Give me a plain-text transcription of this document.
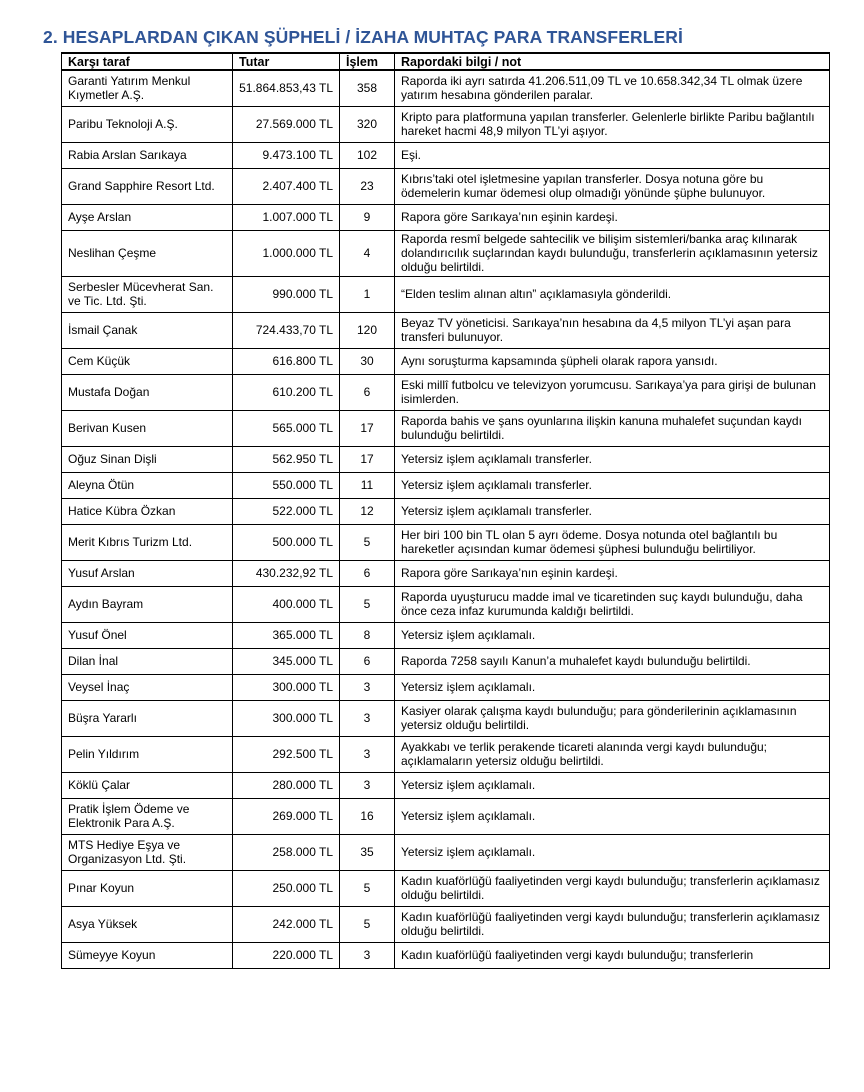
2. HESAPLARDAN ÇIKAN ŞÜPHELİ / İZAHA MUHTAÇ PARA TRANSFERLERİ
Karşı taraf	Tutar	İşlem	Rapordaki bilgi / not
Garanti Yatırım Menkul Kıymetler A.Ş.	51.864.853,43 TL	358	Raporda iki ayrı satırda 41.206.511,09 TL ve 10.658.342,34 TL olmak üzere yatırım hesabına gönderilen paralar.
Paribu Teknoloji A.Ş.	27.569.000 TL	320	Kripto para platformuna yapılan transferler. Gelenlerle birlikte Paribu bağlantılı hareket hacmi 48,9 milyon TL’yi aşıyor.
Rabia Arslan Sarıkaya	9.473.100 TL	102	Eşi.
Grand Sapphire Resort Ltd.	2.407.400 TL	23	Kıbrıs’taki otel işletmesine yapılan transferler. Dosya notuna göre bu ödemelerin kumar ödemesi olup olmadığı yönünde şüphe bulunuyor.
Ayşe Arslan	1.007.000 TL	9	Rapora göre Sarıkaya’nın eşinin kardeşi.
Neslihan Çeşme	1.000.000 TL	4	Raporda resmî belgede sahtecilik ve bilişim sistemleri/banka araç kılınarak dolandırıcılık suçlarından kaydı bulunduğu, transferlerin açıklamasının yetersiz olduğu belirtildi.
Serbesler Mücevherat San. ve Tic. Ltd. Şti.	990.000 TL	1	“Elden teslim alınan altın” açıklamasıyla gönderildi.
İsmail Çanak	724.433,70 TL	120	Beyaz TV yöneticisi. Sarıkaya’nın hesabına da 4,5 milyon TL’yi aşan para transferi bulunuyor.
Cem Küçük	616.800 TL	30	Aynı soruşturma kapsamında şüpheli olarak rapora yansıdı.
Mustafa Doğan	610.200 TL	6	Eski millî futbolcu ve televizyon yorumcusu. Sarıkaya’ya para girişi de bulunan isimlerden.
Berivan Kusen	565.000 TL	17	Raporda bahis ve şans oyunlarına ilişkin kanuna muhalefet suçundan kaydı bulunduğu belirtildi.
Oğuz Sinan Dişli	562.950 TL	17	Yetersiz işlem açıklamalı transferler.
Aleyna Ötün	550.000 TL	11	Yetersiz işlem açıklamalı transferler.
Hatice Kübra Özkan	522.000 TL	12	Yetersiz işlem açıklamalı transferler.
Merit Kıbrıs Turizm Ltd.	500.000 TL	5	Her biri 100 bin TL olan 5 ayrı ödeme. Dosya notunda otel bağlantılı bu hareketler açısından kumar ödemesi şüphesi bulunduğu belirtiliyor.
Yusuf Arslan	430.232,92 TL	6	Rapora göre Sarıkaya’nın eşinin kardeşi.
Aydın Bayram	400.000 TL	5	Raporda uyuşturucu madde imal ve ticaretinden suç kaydı bulunduğu, daha önce ceza infaz kurumunda kaldığı belirtildi.
Yusuf Önel	365.000 TL	8	Yetersiz işlem açıklamalı.
Dilan İnal	345.000 TL	6	Raporda 7258 sayılı Kanun’a muhalefet kaydı bulunduğu belirtildi.
Veysel İnaç	300.000 TL	3	Yetersiz işlem açıklamalı.
Büşra Yararlı	300.000 TL	3	Kasiyer olarak çalışma kaydı bulunduğu; para gönderilerinin açıklamasının yetersiz olduğu belirtildi.
Pelin Yıldırım	292.500 TL	3	Ayakkabı ve terlik perakende ticareti alanında vergi kaydı bulunduğu; açıklamaların yetersiz olduğu belirtildi.
Köklü Çalar	280.000 TL	3	Yetersiz işlem açıklamalı.
Pratik İşlem Ödeme ve Elektronik Para A.Ş.	269.000 TL	16	Yetersiz işlem açıklamalı.
MTS Hediye Eşya ve Organizasyon Ltd. Şti.	258.000 TL	35	Yetersiz işlem açıklamalı.
Pınar Koyun	250.000 TL	5	Kadın kuaförlüğü faaliyetinden vergi kaydı bulunduğu; transferlerin açıklamasız olduğu belirtildi.
Asya Yüksek	242.000 TL	5	Kadın kuaförlüğü faaliyetinden vergi kaydı bulunduğu; transferlerin açıklamasız olduğu belirtildi.
Sümeyye Koyun	220.000 TL	3	Kadın kuaförlüğü faaliyetinden vergi kaydı bulunduğu; transferlerin
